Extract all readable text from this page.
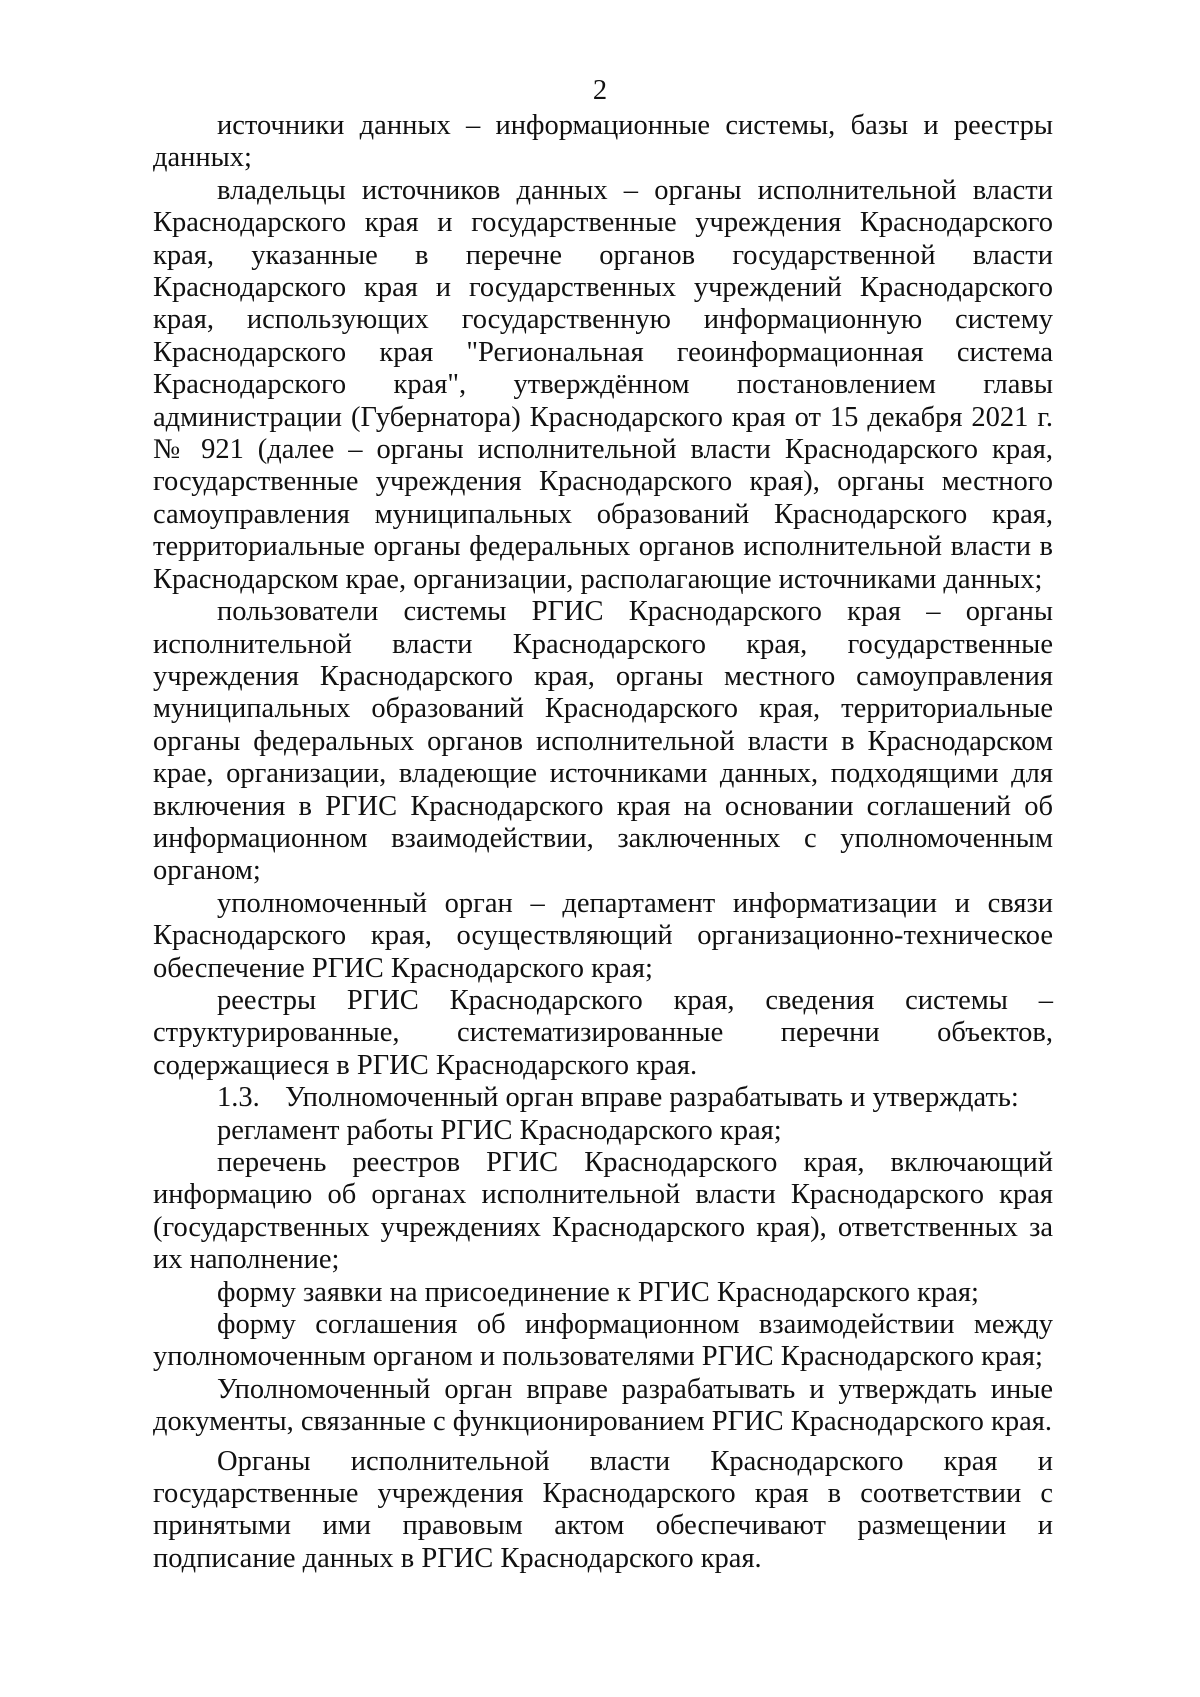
2

источники данных – информационные системы, базы и реестры данных;

владельцы источников данных – органы исполнительной власти Краснодарского края и государственные учреждения Краснодарского края, указанные в перечне органов государственной власти Краснодарского края и государственных учреждений Краснодарского края, использующих государственную информационную систему Краснодарского края "Региональная геоинформационная система Краснодарского края", утверждённом постановлением главы администрации (Губернатора) Краснодарского края от 15 декабря 2021 г. № 921 (далее – органы исполнительной власти Краснодарского края, государственные учреждения Краснодарского края), органы местного самоуправления муниципальных образований Краснодарского края, территориальные органы федеральных органов исполнительной власти в Краснодарском крае, организации, располагающие источниками данных;

пользователи системы РГИС Краснодарского края – органы исполнительной власти Краснодарского края, государственные учреждения Краснодарского края, органы местного самоуправления муниципальных образований Краснодарского края, территориальные органы федеральных органов исполнительной власти в Краснодарском крае, организации, владеющие источниками данных, подходящими для включения в РГИС Краснодарского края на основании соглашений об информационном взаимодействии, заключенных с уполномоченным органом;

уполномоченный орган – департамент информатизации и связи Краснодарского края, осуществляющий организационно-техническое обеспечение РГИС Краснодарского края;

реестры РГИС Краснодарского края, сведения системы – структурированные, систематизированные перечни объектов, содержащиеся в РГИС Краснодарского края.

1.3. Уполномоченный орган вправе разрабатывать и утверждать:

регламент работы РГИС Краснодарского края;

перечень реестров РГИС Краснодарского края, включающий информацию об органах исполнительной власти Краснодарского края (государственных учреждениях Краснодарского края), ответственных за их наполнение;

форму заявки на присоединение к РГИС Краснодарского края;

форму соглашения об информационном взаимодействии между уполномоченным органом и пользователями РГИС Краснодарского края;

Уполномоченный орган вправе разрабатывать и утверждать иные документы, связанные с функционированием РГИС Краснодарского края.

Органы исполнительной власти Краснодарского края и государственные учреждения Краснодарского края в соответствии с принятыми ими правовым актом обеспечивают размещении и подписание данных в РГИС Краснодарского края.
